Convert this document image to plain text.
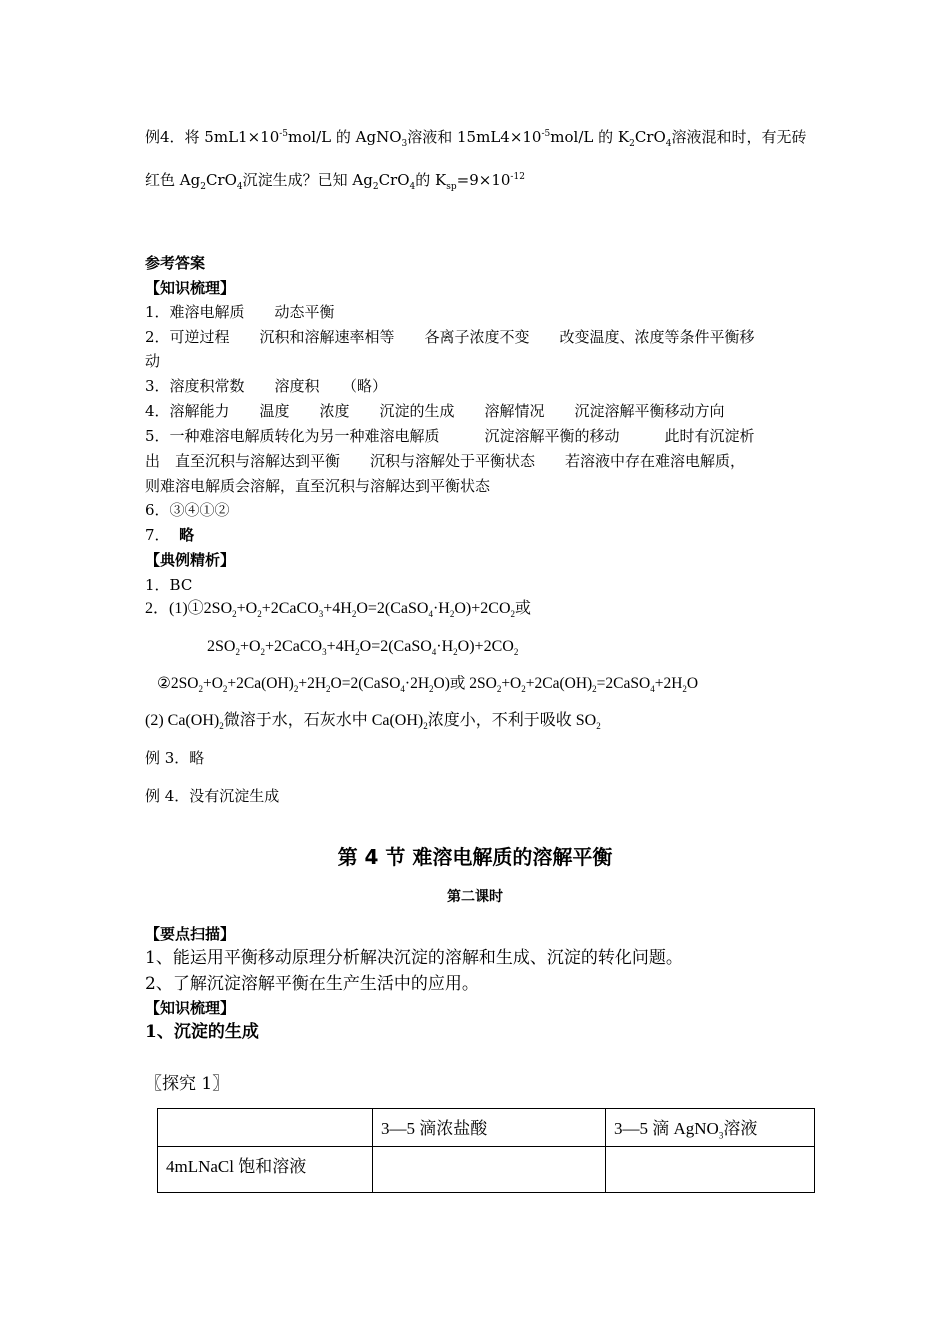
例4．将 $5mL1\times 10^{-5}mol/L$ 的 AgNO$_3$溶液和 $15mL4\times 10^{-5}mol/L$ 的 $K_2CrO_4$溶液混和时，有无砖
红色 $Ag_2CrO_4$沉淀生成？已知 $Ag_2CrO_4$的 $K_{sp}=9\times 10^{-12}$
参考答案
【知识梳理】
1．难溶电解质　　动态平衡
2．可逆过程　　沉积和溶解速率相等　　各离子浓度不变　　改变温度、浓度等条件平衡移
动
3．溶度积常数　　溶度积　　（略）
4．溶解能力　　温度　　浓度　　沉淀的生成　　溶解情况　　沉淀溶解平衡移动方向
5．一种难溶电解质转化为另一种难溶电解质　　　沉淀溶解平衡的移动　　　此时有沉淀析
出　直至沉积与溶解达到平衡　　沉积与溶解处于平衡状态　　若溶液中存在难溶电解质，
则难溶电解质会溶解，直至沉积与溶解达到平衡状态
6．③④①②
7． 略
【典例精析】
1．BC
2．$(1)①2SO_2+O_2+2CaCO_3+4H_2O=2(CaSO_4\cdot H_2O)+2CO_2$或
$2SO_2+O_2+2CaCO_3+4H_2O=2(CaSO_4\cdot H_2O)+2CO_2$
$②2SO_2+O_2+2Ca(OH)_2+2H_2O=2(CaSO_4\cdot 2H_2O)$或 $2SO_2+O_2+2Ca(OH)_2=2CaSO_4+2H_2O$
(2) $Ca(OH)_2$微溶于水，石灰水中 $Ca(OH)_2$浓度小，不利于吸收 $SO_2$
例 3．略
例 4．没有沉淀生成
第 4 节 难溶电解质的溶解平衡
第二课时
【要点扫描】
1、能运用平衡移动原理分析解决沉淀的溶解和生成、沉淀的转化问题。
2、了解沉淀溶解平衡在生产生活中的应用。
【知识梳理】
1、沉淀的生成
〖探究 1〗
	3—5 滴浓盐酸	3—5 滴 AgNO$_3$溶液
4mLNaCl 饱和溶液		
